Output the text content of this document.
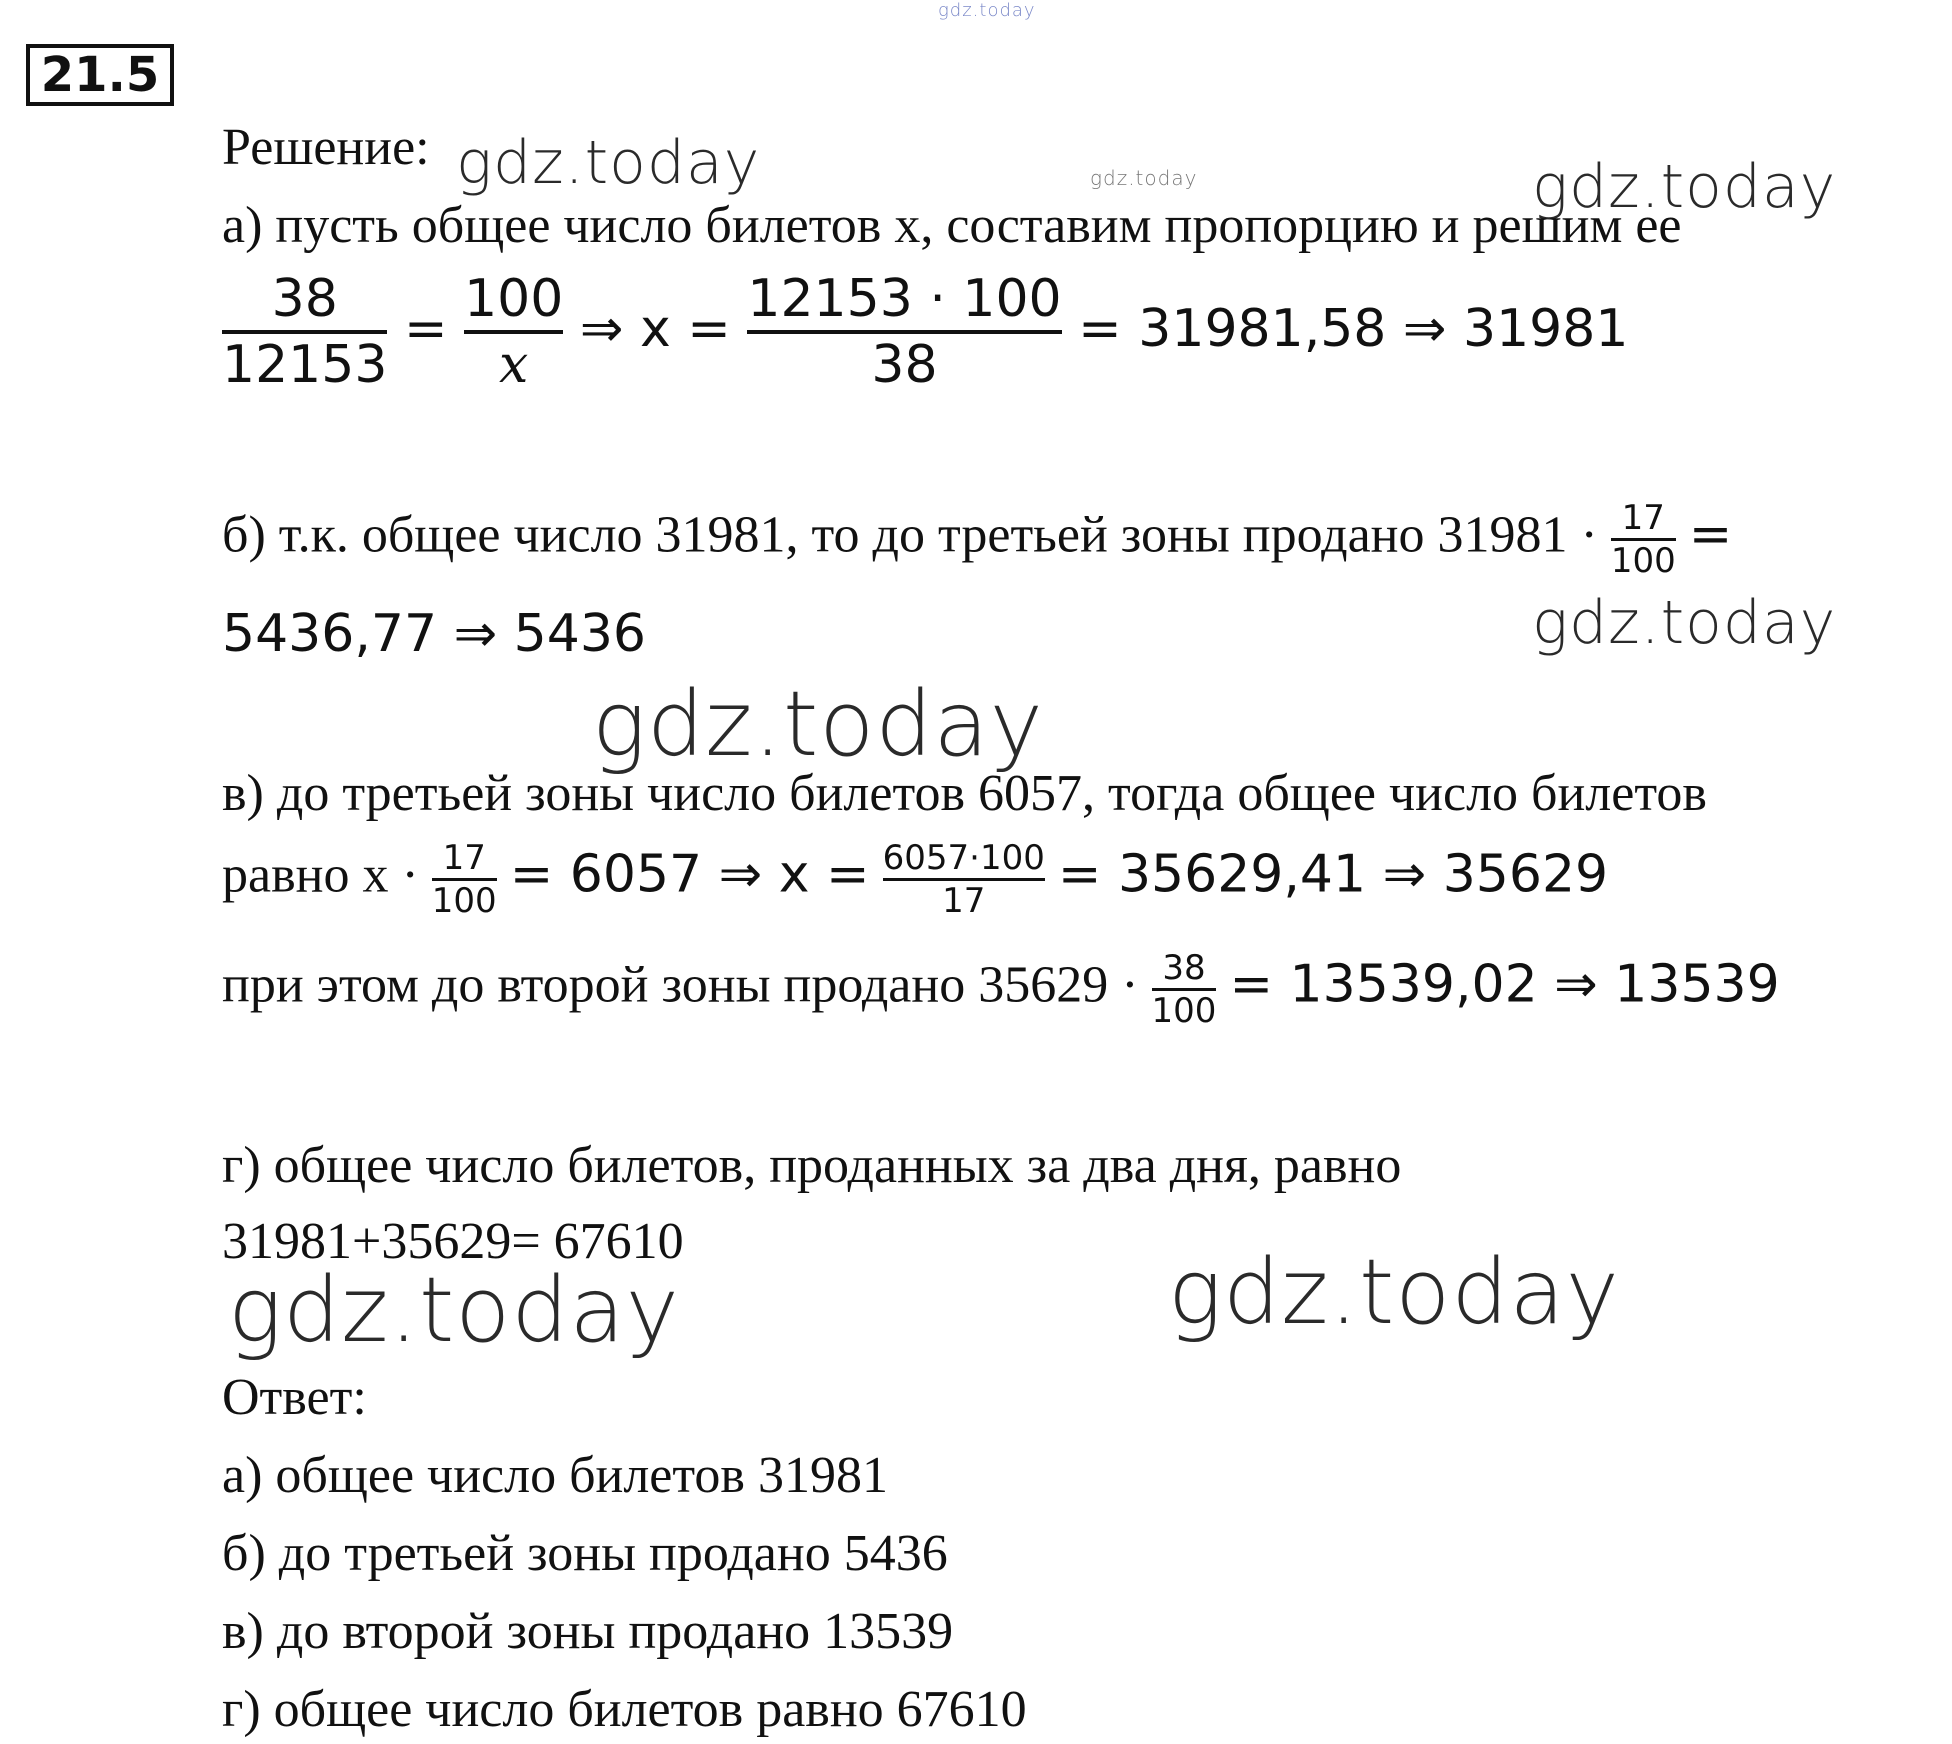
gdz.today
gdz.today	gdz.today	gdz.today
gdz.today
gdz.today
gdz.today	gdz.today
21.5
Решение:
а) пусть общее число билетов x, составим пропорцию и решим ее
$\frac{38}{12153} = \frac{100}{x}$ ⇒ $x = \frac{12153 \cdot 100}{38} = 31981,58$ ⇒ 31981
б) т.к. общее число 31981, то до третьей зоны продано $31981 \cdot \frac{17}{100}$ =
5436,77 ⇒ 5436
в) до третьей зоны число билетов 6057, тогда общее число билетов
равно $x \cdot \frac{17}{100} = 6057$ ⇒ $x = \frac{6057\cdot 100}{17} = 35629,41$ ⇒ 35629
при этом до второй зоны продано $35629 \cdot \frac{38}{100} = 13539,02$ ⇒ 13539
г) общее число билетов, проданных за два дня, равно
31981+35629= 67610
Ответ:
а) общее число билетов 31981
б) до третьей зоны продано 5436
в) до второй зоны продано 13539
г) общее число билетов равно 67610
